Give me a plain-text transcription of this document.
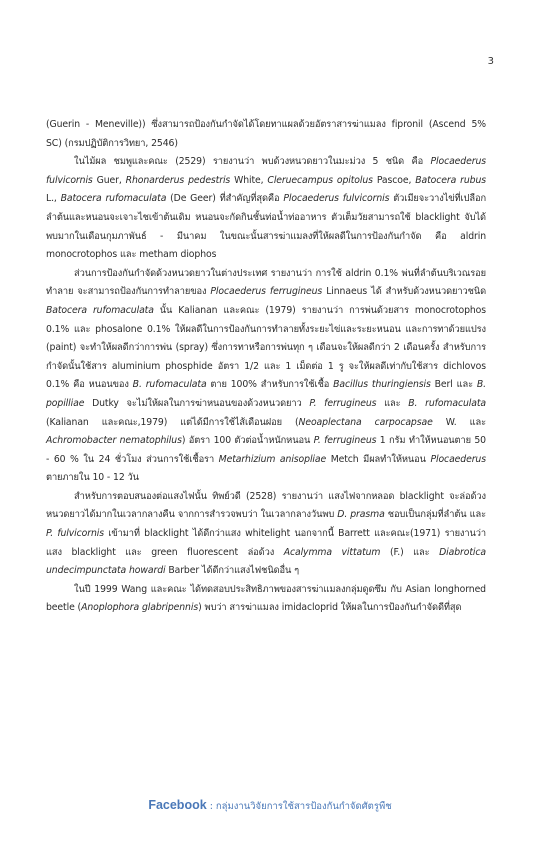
3

(Guerin - Meneville)) ซึ่งสามารถป้องกันกำจัดได้โดยทาแผลด้วยอัตราสารฆ่าแมลง fipronil (Ascend 5% SC) (กรมปฏิบัติการวิทยา, 2546)

ในไม้ผล ชมพูและคณะ (2529) รายงานว่า พบด้วงหนวดยาวในมะม่วง 5 ชนิด คือ Plocaederus fulvicornis Guer, Rhonarderus pedestris White, Cleruecampus opitolus Pascoe, Batocera rubus L., Batocera rufomaculata (De Geer) ที่สำคัญที่สุดคือ Plocaederus fulvicornis ตัวเมียจะวางไข่ที่เปลือกลำต้นและหนอนจะเจาะไชเข้าต้นเดิม หนอนจะกัดกินชั้นท่อน้ำท่ออาหาร ตัวเต็มวัยสามารถใช้ blacklight จับได้ พบมากในเดือนกุมภาพันธ์ - มีนาคม ในขณะนั้นสารฆ่าแมลงที่ให้ผลดีในการป้องกันกำจัด คือ aldrin monocrotophos และ metham diophos

ส่วนการป้องกันกำจัดด้วงหนวดยาวในต่างประเทศ รายงานว่า การใช้ aldrin 0.1% พ่นที่ลำต้นบริเวณรอยทำลาย จะสามารถป้องกันการทำลายของ Plocaederus ferrugineus Linnaeus ได้ สำหรับด้วงหนวดยาวชนิด Batocera rufomaculata นั้น Kalianan และคณะ (1979) รายงานว่า การพ่นด้วยสาร monocrotophos 0.1% และ phosalone 0.1% ให้ผลดีในการป้องกันการทำลายทั้งระยะไข่และระยะหนอน และการทาด้วยแปรง (paint) จะทำให้ผลดีกว่าการพ่น (spray) ซึ่งการทาหรือการพ่นทุก ๆ เดือนจะให้ผลดีกว่า 2 เดือนครั้ง สำหรับการกำจัดนั้นใช้สาร aluminium phosphide อัตรา 1/2 และ 1 เม็ดต่อ 1 รู จะให้ผลดีเท่ากับใช้สาร dichlovos 0.1% คือ หนอนของ B. rufomaculata ตาย 100% สำหรับการใช้เชื้อ Bacillus thuringiensis Berl และ B. popilliae Dutky จะไม่ให้ผลในการฆ่าหนอนของด้วงหนวดยาว P. ferrugineus และ B. rufomaculata (Kalianan และคณะ,1979) แต่ได้มีการใช้ไส้เดือนฝอย (Neoaplectana carpocapsae W. และ Achromobacter nematophilus) อัตรา 100 ตัวต่อน้ำหนักหนอน P. ferrugineus 1 กรัม ทำให้หนอนตาย 50 - 60 % ใน 24 ชั่วโมง ส่วนการใช้เชื้อรา Metarhizium anisopliae Metch มีผลทำให้หนอน Plocaederus ตายภายใน 10 - 12 วัน

สำหรับการตอบสนองต่อแสงไฟนั้น ทิพย์วดี (2528) รายงานว่า แสงไฟจากหลอด blacklight จะล่อด้วงหนวดยาวได้มากในเวลากลางคืน จากการสำรวจพบว่า ในเวลากลางวันพบ D. prasma ชอบเป็นกลุ่มที่ลำต้น และ P. fulvicornis เข้ามาที่ blacklight ได้ดีกว่าแสง whitelight นอกจากนี้ Barrett และคณะ(1971) รายงานว่า แสง blacklight และ green fluorescent ล่อด้วง Acalymma vittatum (F.) และ Diabrotica undecimpunctata howardi Barber ได้ดีกว่าแสงไฟชนิดอื่น ๆ

ในปี 1999 Wang และคณะ ได้ทดสอบประสิทธิภาพของสารฆ่าแมลงกลุ่มดูดซึม กับ Asian longhorned beetle (Anoplophora glabripennis) พบว่า สารฆ่าแมลง imidacloprid ให้ผลในการป้องกันกำจัดดีที่สุด

Facebook : กลุ่มงานวิจัยการใช้สารป้องกันกำจัดศัตรูพืช
